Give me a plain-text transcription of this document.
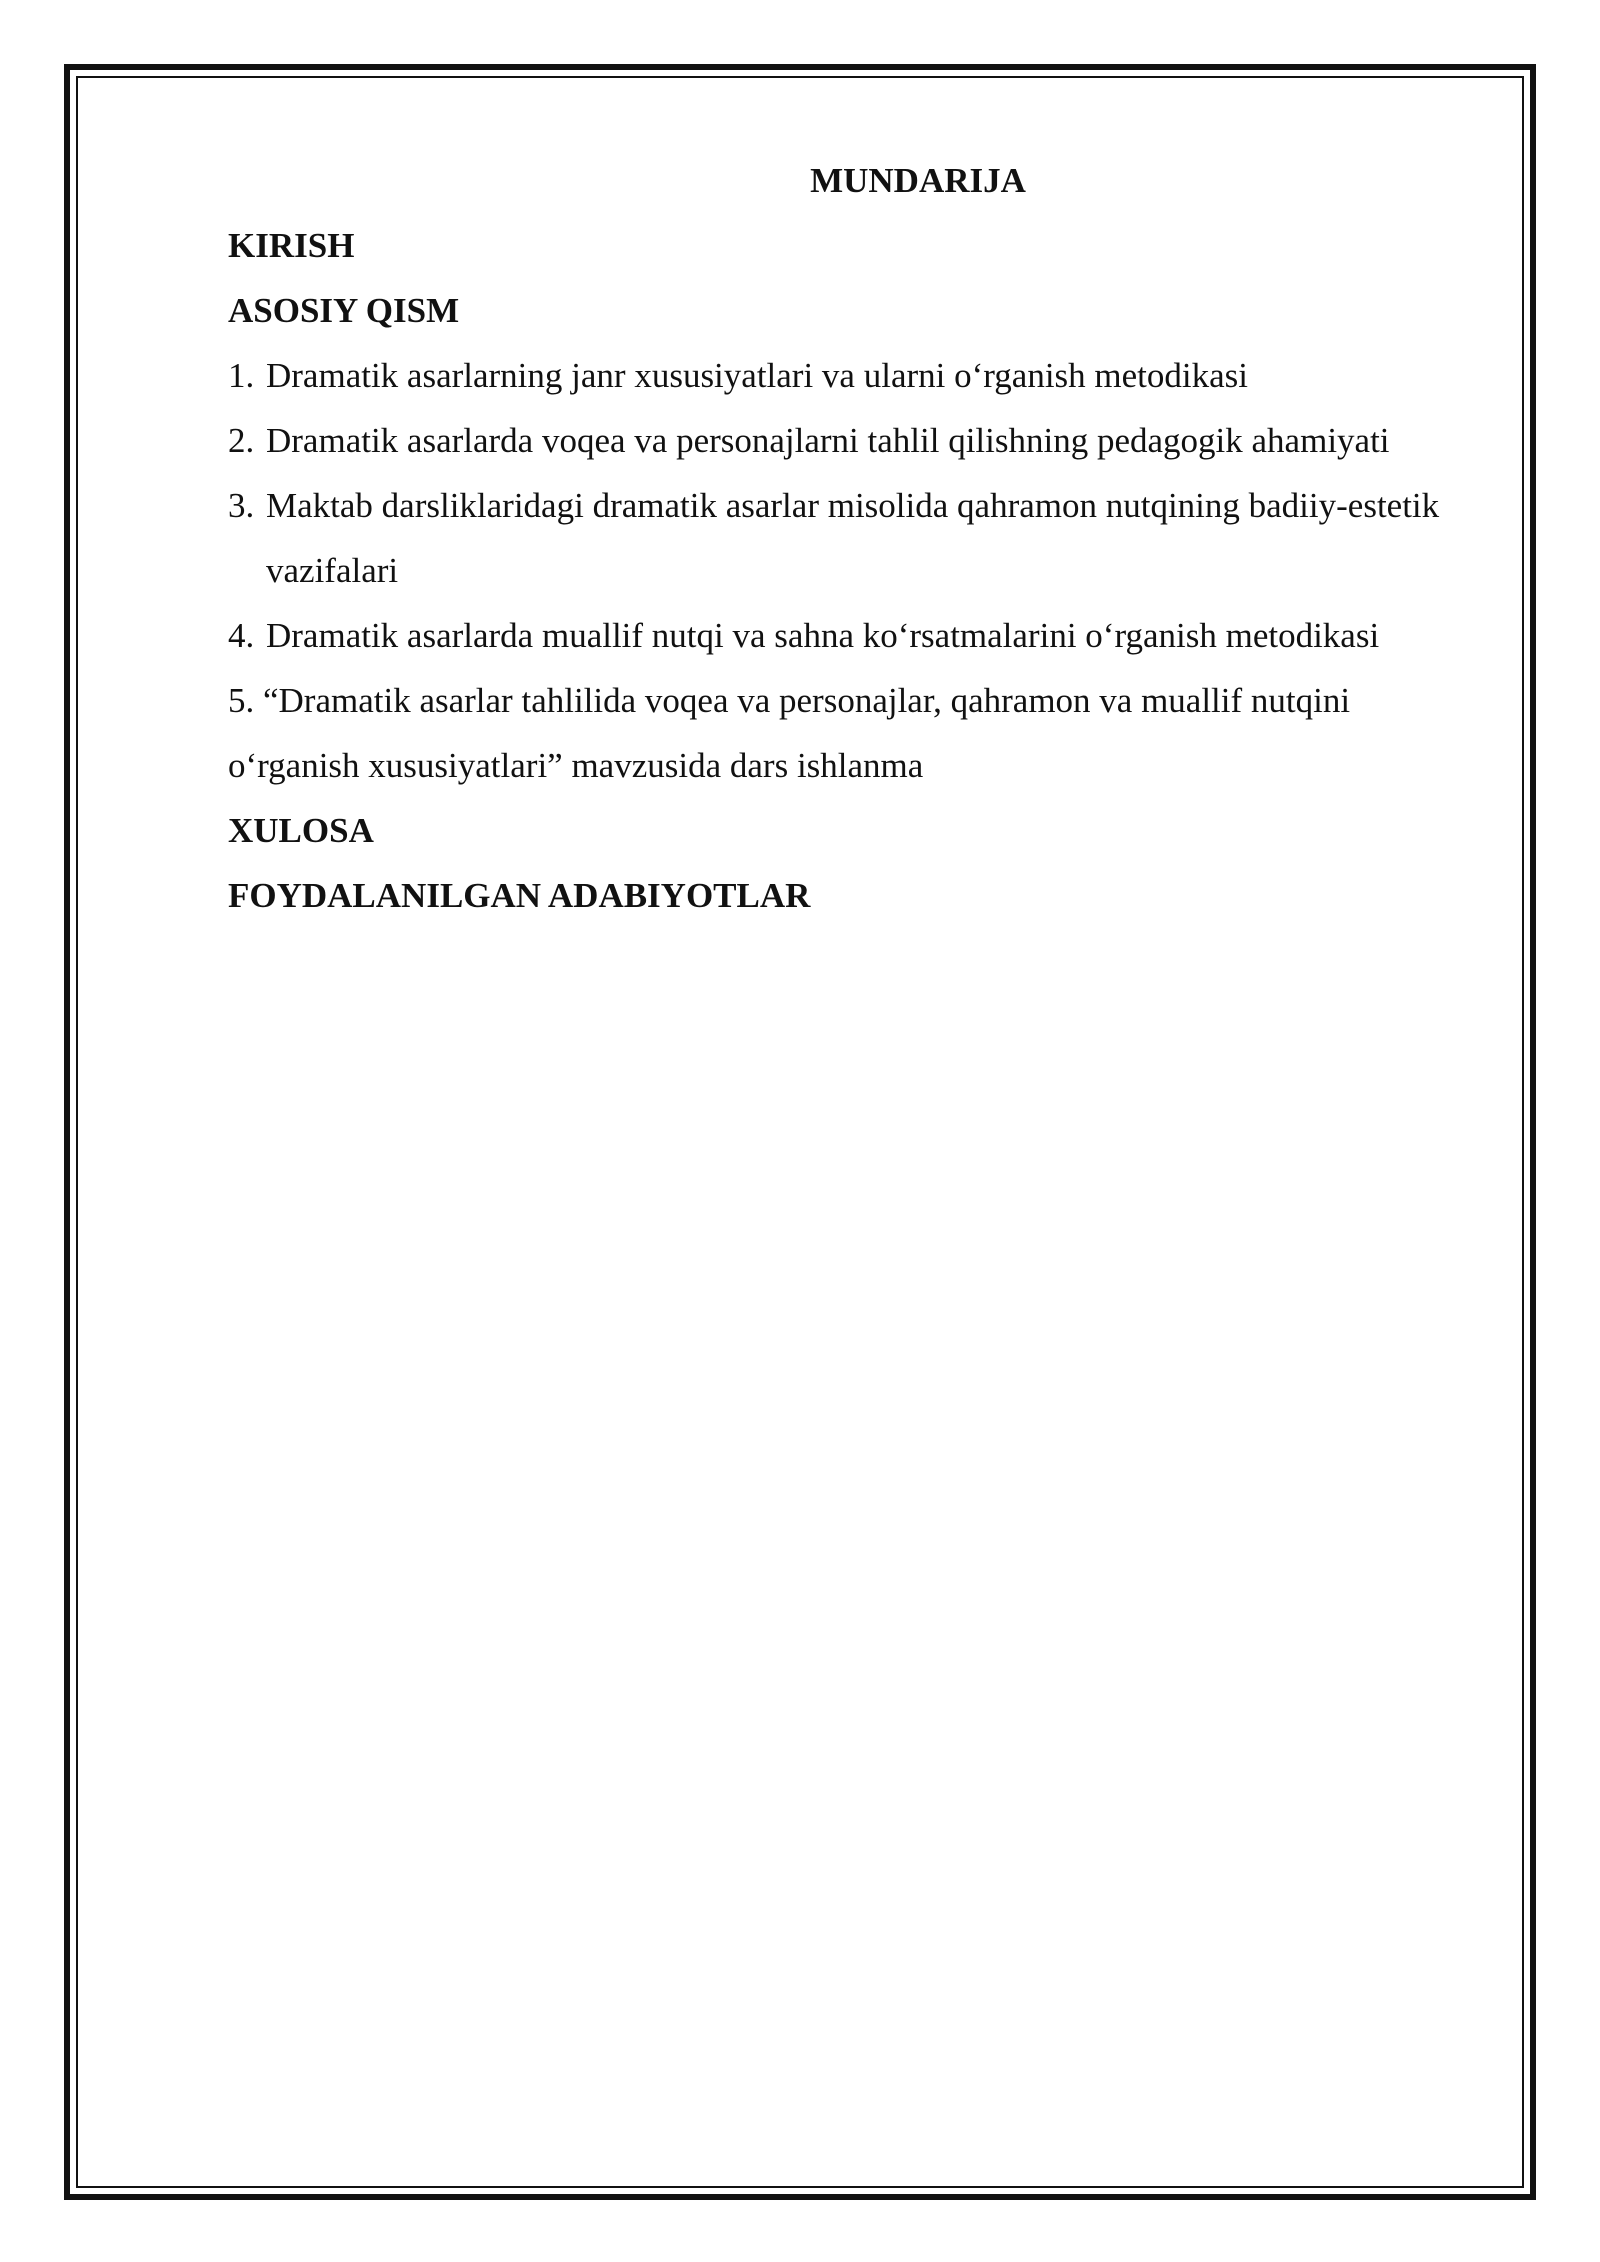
MUNDARIJA

KIRISH

ASOSIY QISM

1. Dramatik asarlarning janr xususiyatlari va ularni o‘rganish metodikasi

2. Dramatik asarlarda voqea va personajlarni tahlil qilishning pedagogik ahamiyati

3. Maktab darsliklaridagi dramatik asarlar misolida qahramon nutqining badiiy-estetik vazifalari

4. Dramatik asarlarda muallif nutqi va sahna ko‘rsatmalarini o‘rganish metodikasi

5. “Dramatik asarlar tahlilida voqea va personajlar, qahramon va muallif nutqini o‘rganish xususiyatlari” mavzusida dars ishlanma

XULOSA

FOYDALANILGAN ADABIYOTLAR
